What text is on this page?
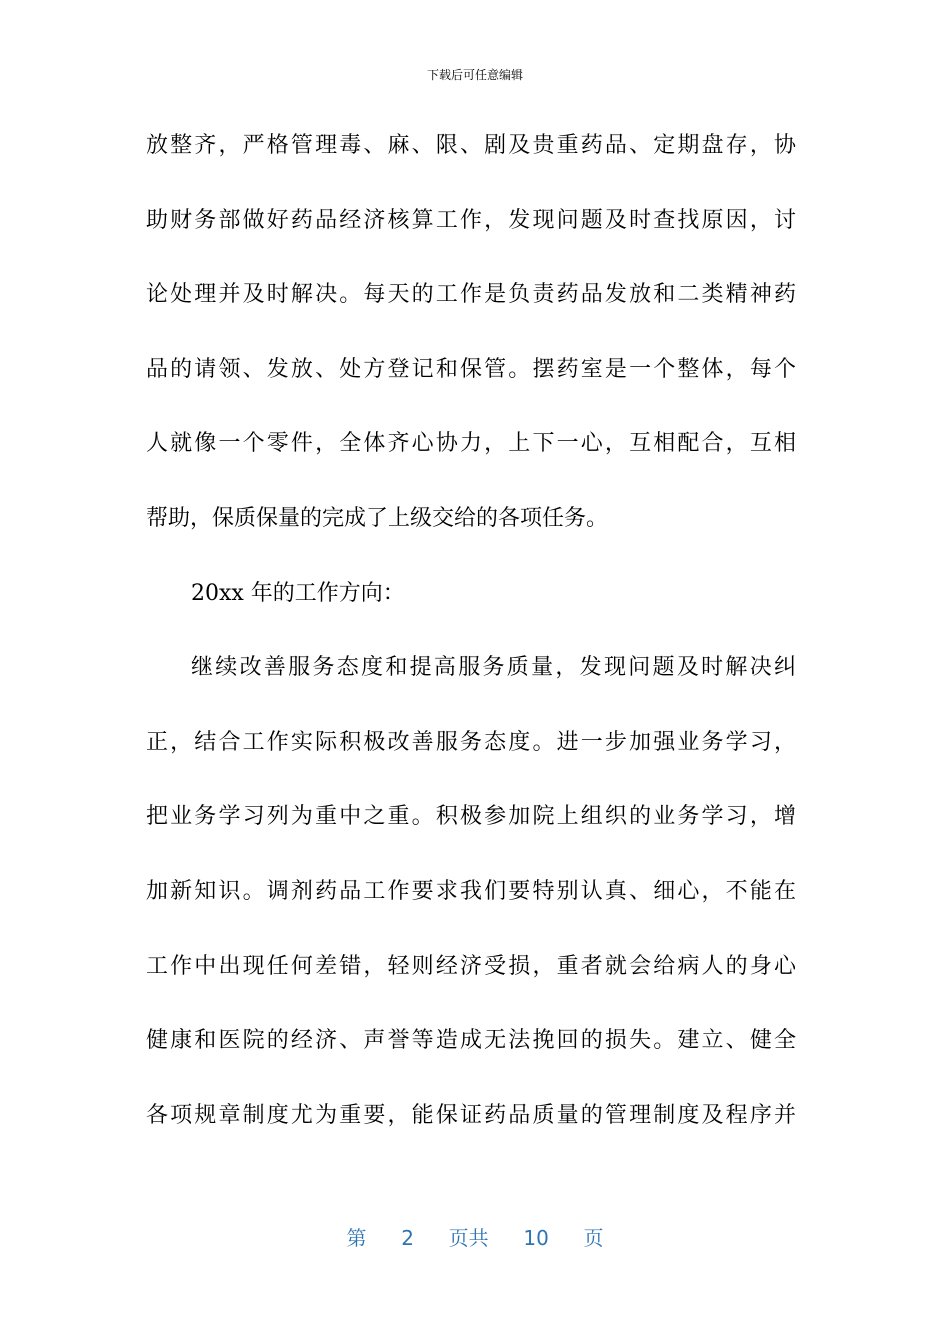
下载后可任意编辑
放整齐，严格管理毒、麻、限、剧及贵重药品、定期盘存，协
助财务部做好药品经济核算工作，发现问题及时查找原因，讨
论处理并及时解决。每天的工作是负责药品发放和二类精神药
品的请领、发放、处方登记和保管。摆药室是一个整体，每个
人就像一个零件，全体齐心协力，上下一心，互相配合，互相
帮助，保质保量的完成了上级交给的各项任务。
20xx 年的工作方向：
继续改善服务态度和提高服务质量，发现问题及时解决纠
正，结合工作实际积极改善服务态度。进一步加强业务学习，
把业务学习列为重中之重。积极参加院上组织的业务学习，增
加新知识。调剂药品工作要求我们要特别认真、细心，不能在
工作中出现任何差错，轻则经济受损，重者就会给病人的身心
健康和医院的经济、声誉等造成无法挽回的损失。建立、健全
各项规章制度尤为重要，能保证药品质量的管理制度及程序并
第 2 页共 10 页
